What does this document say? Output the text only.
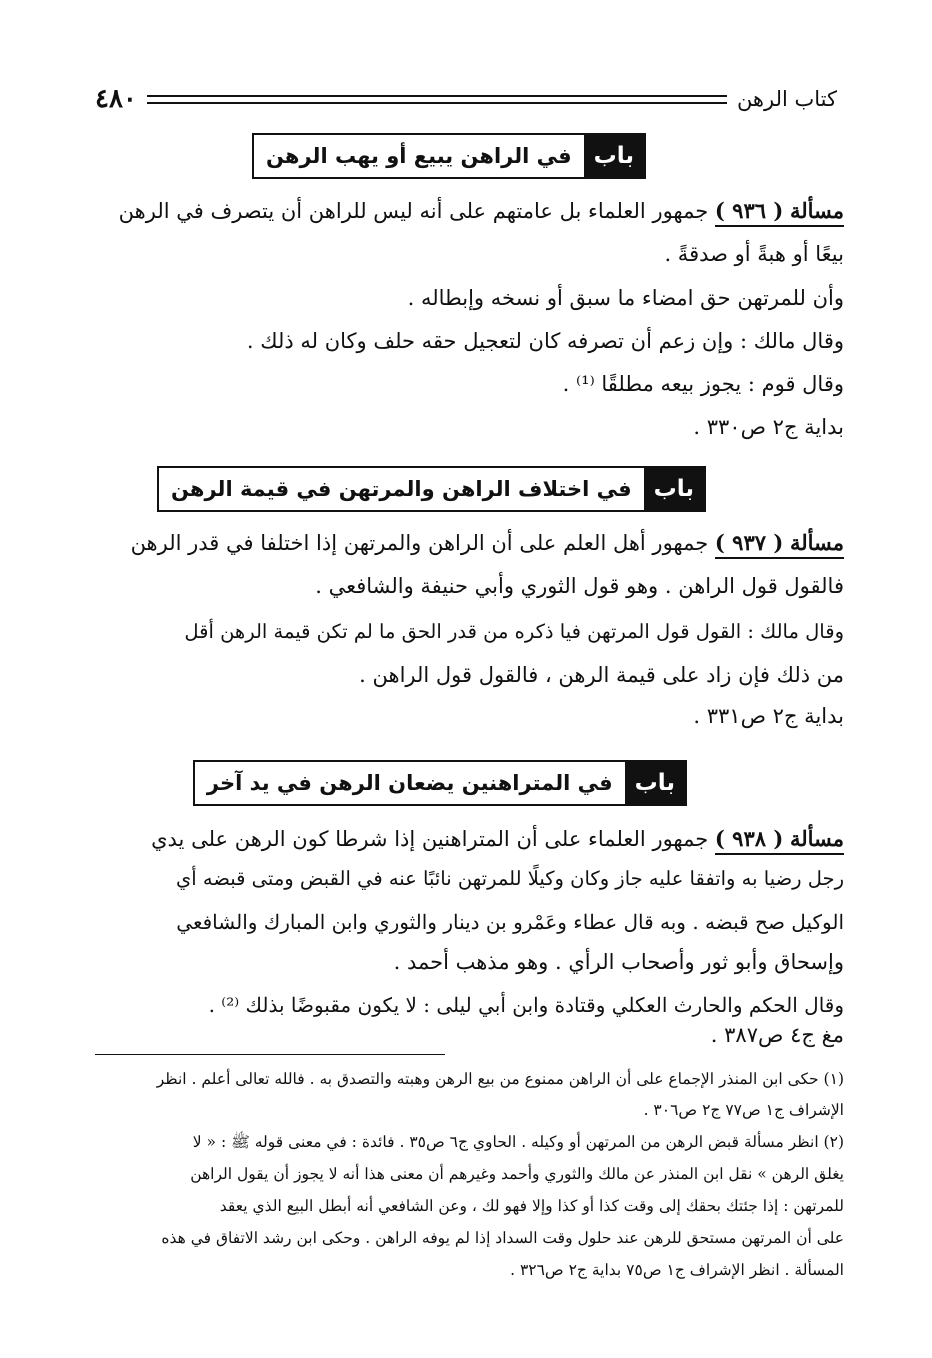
٤٨٠	كتاب الرهن
باب
في الراهن يبيع أو يهب الرهن
مسألة ( ٩٣٦ ) جمهور العلماء بل عامتهم على أنه ليس للراهن أن يتصرف في الرهن
بيعًا أو هبةً أو صدقةً .
وأن للمرتهن حق امضاء ما سبق أو نسخه وإبطاله .
وقال مالك : وإن زعم أن تصرفه كان لتعجيل حقه حلف وكان له ذلك .
وقال قوم : يجوز بيعه مطلقًا ⁽¹⁾ .
بداية ج٢ ص٣٣٠ .
باب
في اختلاف الراهن والمرتهن في قيمة الرهن
مسألة ( ٩٣٧ ) جمهور أهل العلم على أن الراهن والمرتهن إذا اختلفا في قدر الرهن
فالقول قول الراهن . وهو قول الثوري وأبي حنيفة والشافعي .
وقال مالك : القول قول المرتهن فيا ذكره من قدر الحق ما لم تكن قيمة الرهن أقل
من ذلك فإن زاد على قيمة الرهن ، فالقول قول الراهن .
بداية ج٢ ص٣٣١ .
باب
في المتراهنين يضعان الرهن في يد آخر
مسألة ( ٩٣٨ ) جمهور العلماء على أن المتراهنين إذا شرطا كون الرهن على يدي
رجل رضيا به واتفقا عليه جاز وكان وكيلًا للمرتهن نائبًا عنه في القبض ومتى قبضه أي
الوكيل صح قبضه . وبه قال عطاء وعَمْرو بن دينار والثوري وابن المبارك والشافعي
وإسحاق وأبو ثور وأصحاب الرأي . وهو مذهب أحمد .
وقال الحكم والحارث العكلي وقتادة وابن أبي ليلى : لا يكون مقبوضًا بذلك ⁽²⁾ .
مغ ج٤ ص٣٨٧ .
(١) حكى ابن المنذر الإجماع على أن الراهن ممنوع من بيع الرهن وهبته والتصدق به . فالله تعالى أعلم . انظر
الإشراف ج١ ص٧٧ ج٢ ص٣٠٦ .
(٢) انظر مسألة قبض الرهن من المرتهن أو وكيله . الحاوي ج٦ ص٣٥ . فائدة : في معنى قوله ﷺ : « لا
يغلق الرهن » نقل ابن المنذر عن مالك والثوري وأحمد وغيرهم أن معنى هذا أنه لا يجوز أن يقول الراهن
للمرتهن : إذا جئتك بحقك إلى وقت كذا أو كذا وإلا فهو لك ، وعن الشافعي أنه أبطل البيع الذي يعقد
على أن المرتهن مستحق للرهن عند حلول وقت السداد إذا لم يوفه الراهن . وحكى ابن رشد الاتفاق في هذه
المسألة . انظر الإشراف ج١ ص٧٥ بداية ج٢ ص٣٢٦ .
